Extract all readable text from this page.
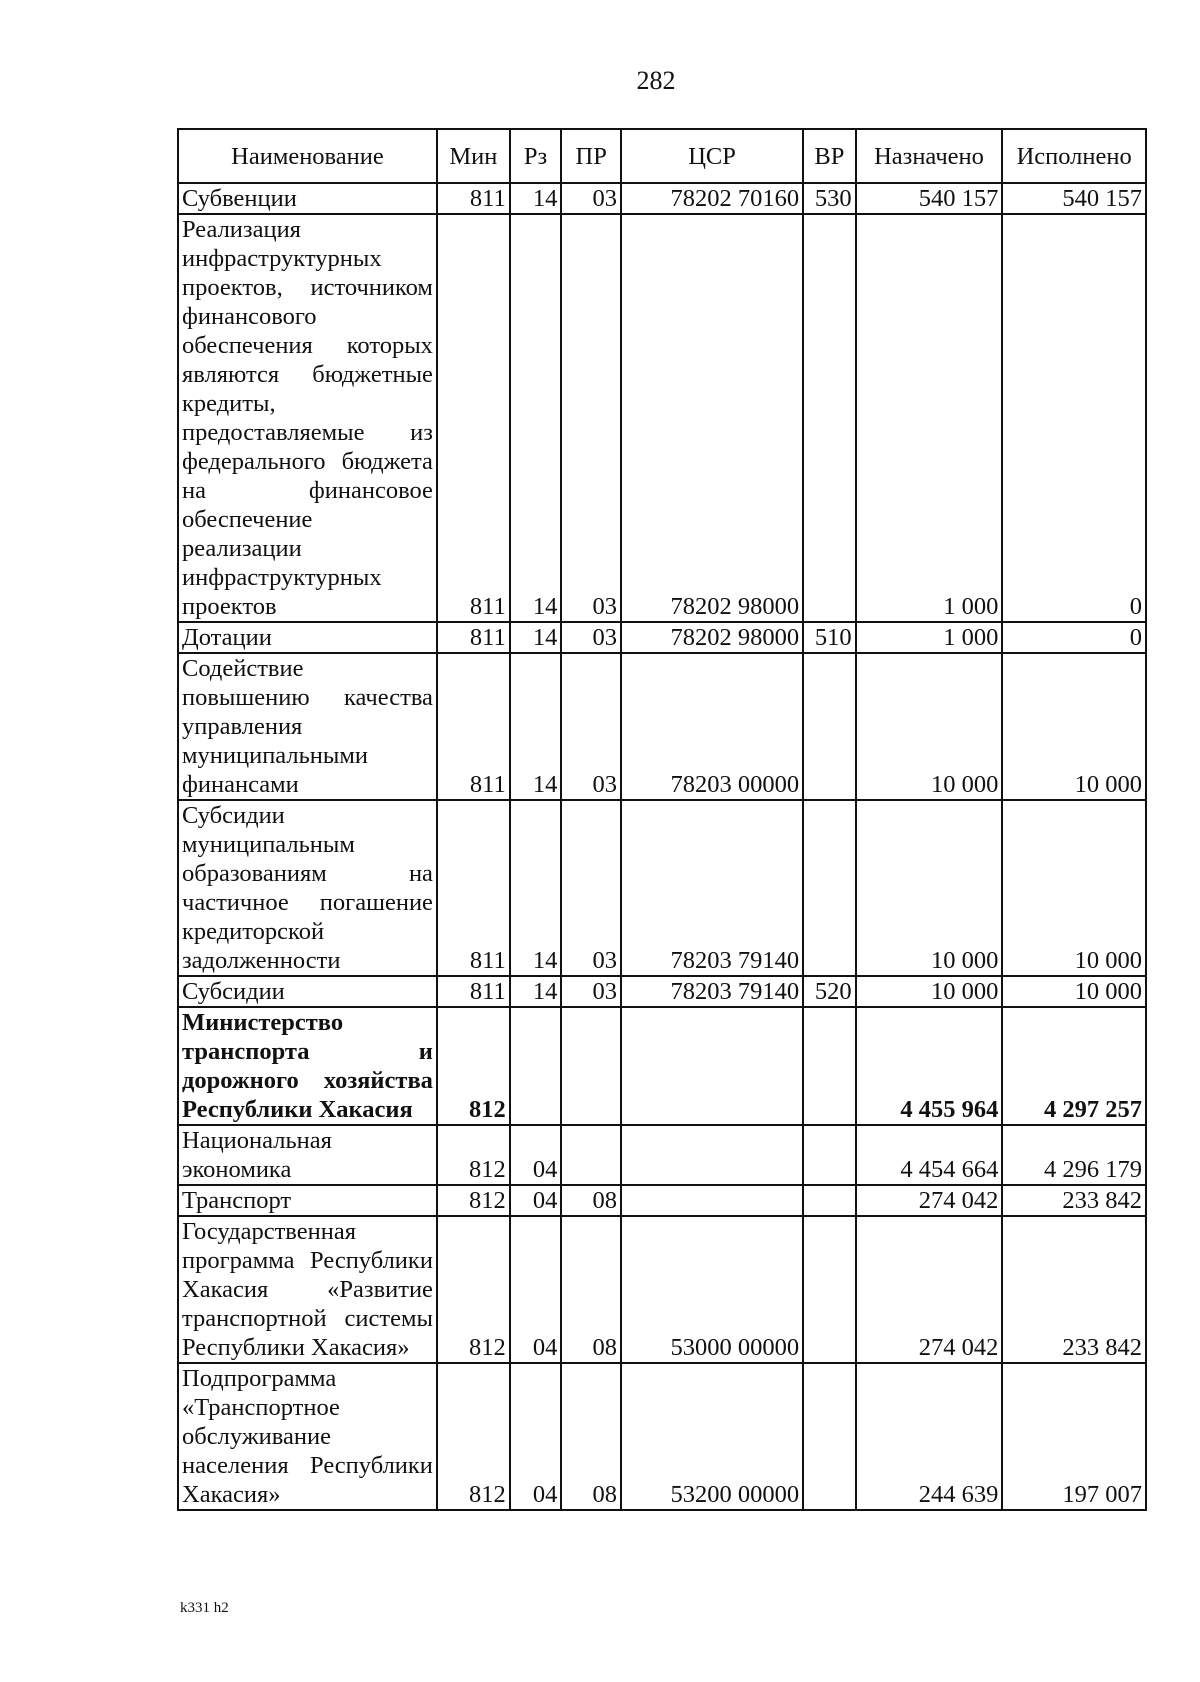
282
Наименование	Мин	Рз	ПР	ЦСР	ВР	Назначено	Исполнено
Субвенции	811	14	03	78202 70160	530	540 157	540 157
Реализация инфраструктурных проектов, источником финансового обеспечения которых являются бюджетные кредиты, предоставляемые из федерального бюджета на финансовое обеспечение реализации инфраструктурных проектов	811	14	03	78202 98000		1 000	0
Дотации	811	14	03	78202 98000	510	1 000	0
Содействие повышению качества управления муниципальными финансами	811	14	03	78203 00000		10 000	10 000
Субсидии муниципальным образованиям на частичное погашение кредиторской задолженности	811	14	03	78203 79140		10 000	10 000
Субсидии	811	14	03	78203 79140	520	10 000	10 000
Министерство транспорта и дорожного хозяйства Республики Хакасия	812					4 455 964	4 297 257
Национальная экономика	812	04				4 454 664	4 296 179
Транспорт	812	04	08			274 042	233 842
Государственная программа Республики Хакасия «Развитие транспортной системы Республики Хакасия»	812	04	08	53000 00000		274 042	233 842
Подпрограмма «Транспортное обслуживание населения Республики Хакасия»	812	04	08	53200 00000		244 639	197 007
k331 h2
